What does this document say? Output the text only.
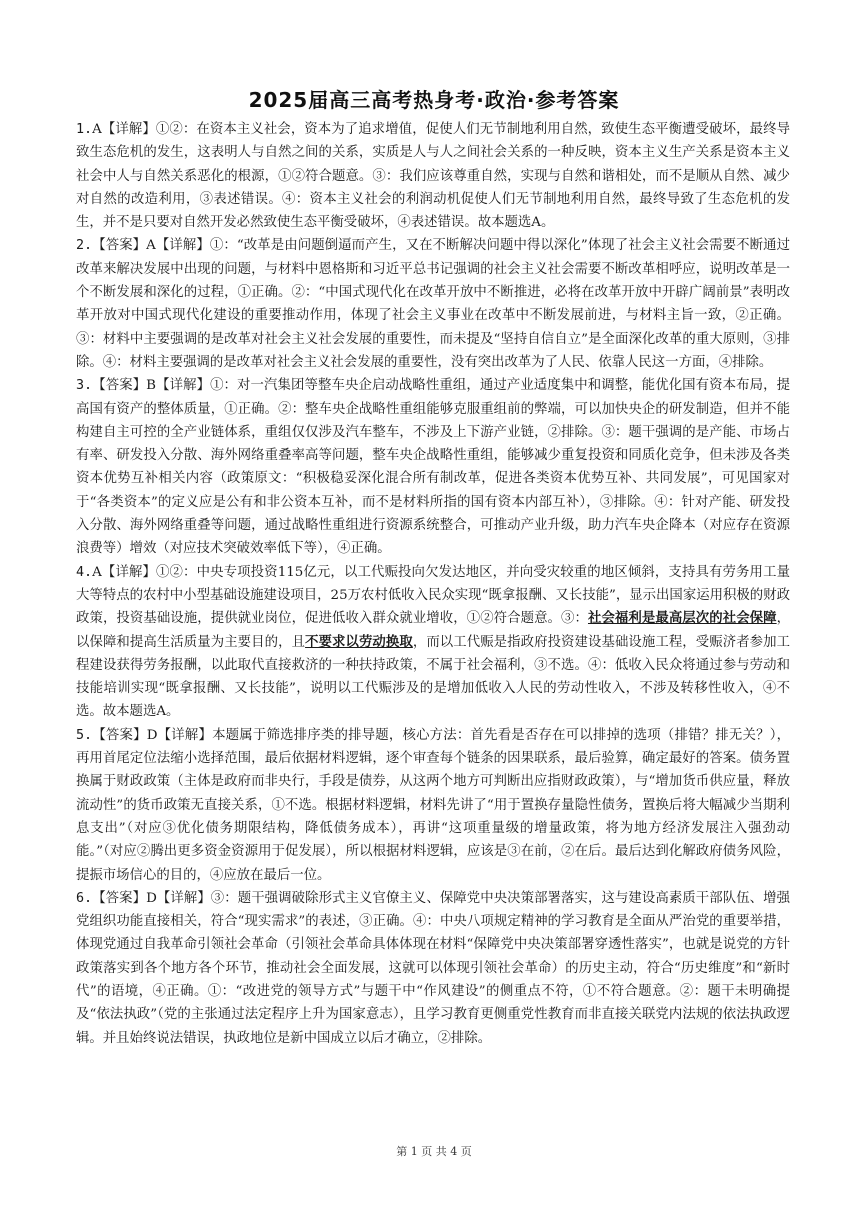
2025届高三高考热身考·政治·参考答案

1.A【详解】①②：在资本主义社会，资本为了追求增值，促使人们无节制地利用自然，致使生态平衡遭受破坏，最终导致生态危机的发生，这表明人与自然之间的关系，实质是人与人之间社会关系的一种反映，资本主义生产关系是资本主义社会中人与自然关系恶化的根源，①②符合题意。③：我们应该尊重自然，实现与自然和谐相处，而不是顺从自然、减少对自然的改造利用，③表述错误。④：资本主义社会的利润动机促使人们无节制地利用自然，最终导致了生态危机的发生，并不是只要对自然开发必然致使生态平衡受破坏，④表述错误。故本题选A。

2.【答案】A【详解】①：“改革是由问题倒逼而产生，又在不断解决问题中得以深化”体现了社会主义社会需要不断通过改革来解决发展中出现的问题，与材料中恩格斯和习近平总书记强调的社会主义社会需要不断改革相呼应，说明改革是一个不断发展和深化的过程，①正确。②：“中国式现代化在改革开放中不断推进，必将在改革开放中开辟广阔前景”表明改革开放对中国式现代化建设的重要推动作用，体现了社会主义事业在改革中不断发展前进，与材料主旨一致，②正确。③：材料中主要强调的是改革对社会主义社会发展的重要性，而未提及“坚持自信自立”是全面深化改革的重大原则，③排除。④：材料主要强调的是改革对社会主义社会发展的重要性，没有突出改革为了人民、依靠人民这一方面，④排除。

3.【答案】B【详解】①：对一汽集团等整车央企启动战略性重组，通过产业适度集中和调整，能优化国有资本布局，提高国有资产的整体质量，①正确。②：整车央企战略性重组能够克服重组前的弊端，可以加快央企的研发制造，但并不能构建自主可控的全产业链体系，重组仅仅涉及汽车整车，不涉及上下游产业链，②排除。③：题干强调的是产能、市场占有率、研发投入分散、海外网络重叠率高等问题，整车央企战略性重组，能够减少重复投资和同质化竞争，但未涉及各类资本优势互补相关内容（政策原文：“积极稳妥深化混合所有制改革，促进各类资本优势互补、共同发展”，可见国家对于“各类资本”的定义应是公有和非公资本互补，而不是材料所指的国有资本内部互补），③排除。④：针对产能、研发投入分散、海外网络重叠等问题，通过战略性重组进行资源系统整合，可推动产业升级，助力汽车央企降本（对应存在资源浪费等）增效（对应技术突破效率低下等），④正确。

4.A【详解】①②：中央专项投资115亿元，以工代赈投向欠发达地区，并向受灾较重的地区倾斜，支持具有劳务用工量大等特点的农村中小型基础设施建设项目，25万农村低收入民众实现“既拿报酬、又长技能”，显示出国家运用积极的财政政策，投资基础设施，提供就业岗位，促进低收入群众就业增收，①②符合题意。③：社会福利是最高层次的社会保障，以保障和提高生活质量为主要目的，且不要求以劳动换取，而以工代赈是指政府投资建设基础设施工程，受赈济者参加工程建设获得劳务报酬，以此取代直接救济的一种扶持政策，不属于社会福利，③不选。④：低收入民众将通过参与劳动和技能培训实现“既拿报酬、又长技能”，说明以工代赈涉及的是增加低收入人民的劳动性收入，不涉及转移性收入，④不选。故本题选A。

5.【答案】D【详解】本题属于筛选排序类的排导题，核心方法：首先看是否存在可以排掉的选项（排错？排无关？），再用首尾定位法缩小选择范围，最后依据材料逻辑，逐个审查每个链条的因果联系，最后验算，确定最好的答案。债务置换属于财政政策（主体是政府而非央行，手段是债券，从这两个地方可判断出应指财政政策），与“增加货币供应量，释放流动性”的货币政策无直接关系，①不选。根据材料逻辑，材料先讲了“用于置换存量隐性债务，置换后将大幅减少当期利息支出”（对应③优化债务期限结构，降低债务成本），再讲“这项重量级的增量政策，将为地方经济发展注入强劲动能。”（对应②腾出更多资金资源用于促发展），所以根据材料逻辑，应该是③在前，②在后。最后达到化解政府债务风险，提振市场信心的目的，④应放在最后一位。

6.【答案】D【详解】③：题干强调破除形式主义官僚主义、保障党中央决策部署落实，这与建设高素质干部队伍、增强党组织功能直接相关，符合“现实需求”的表述，③正确。④：中央八项规定精神的学习教育是全面从严治党的重要举措，体现党通过自我革命引领社会革命（引领社会革命具体体现在材料“保障党中央决策部署穿透性落实”，也就是说党的方针政策落实到各个地方各个环节，推动社会全面发展，这就可以体现引领社会革命）的历史主动，符合“历史维度”和“新时代”的语境，④正确。①：“改进党的领导方式”与题干中“作风建设”的侧重点不符，①不符合题意。②：题干未明确提及“依法执政”（党的主张通过法定程序上升为国家意志），且学习教育更侧重党性教育而非直接关联党内法规的依法执政逻辑。并且始终说法错误，执政地位是新中国成立以后才确立，②排除。

第 1 页 共 4 页
